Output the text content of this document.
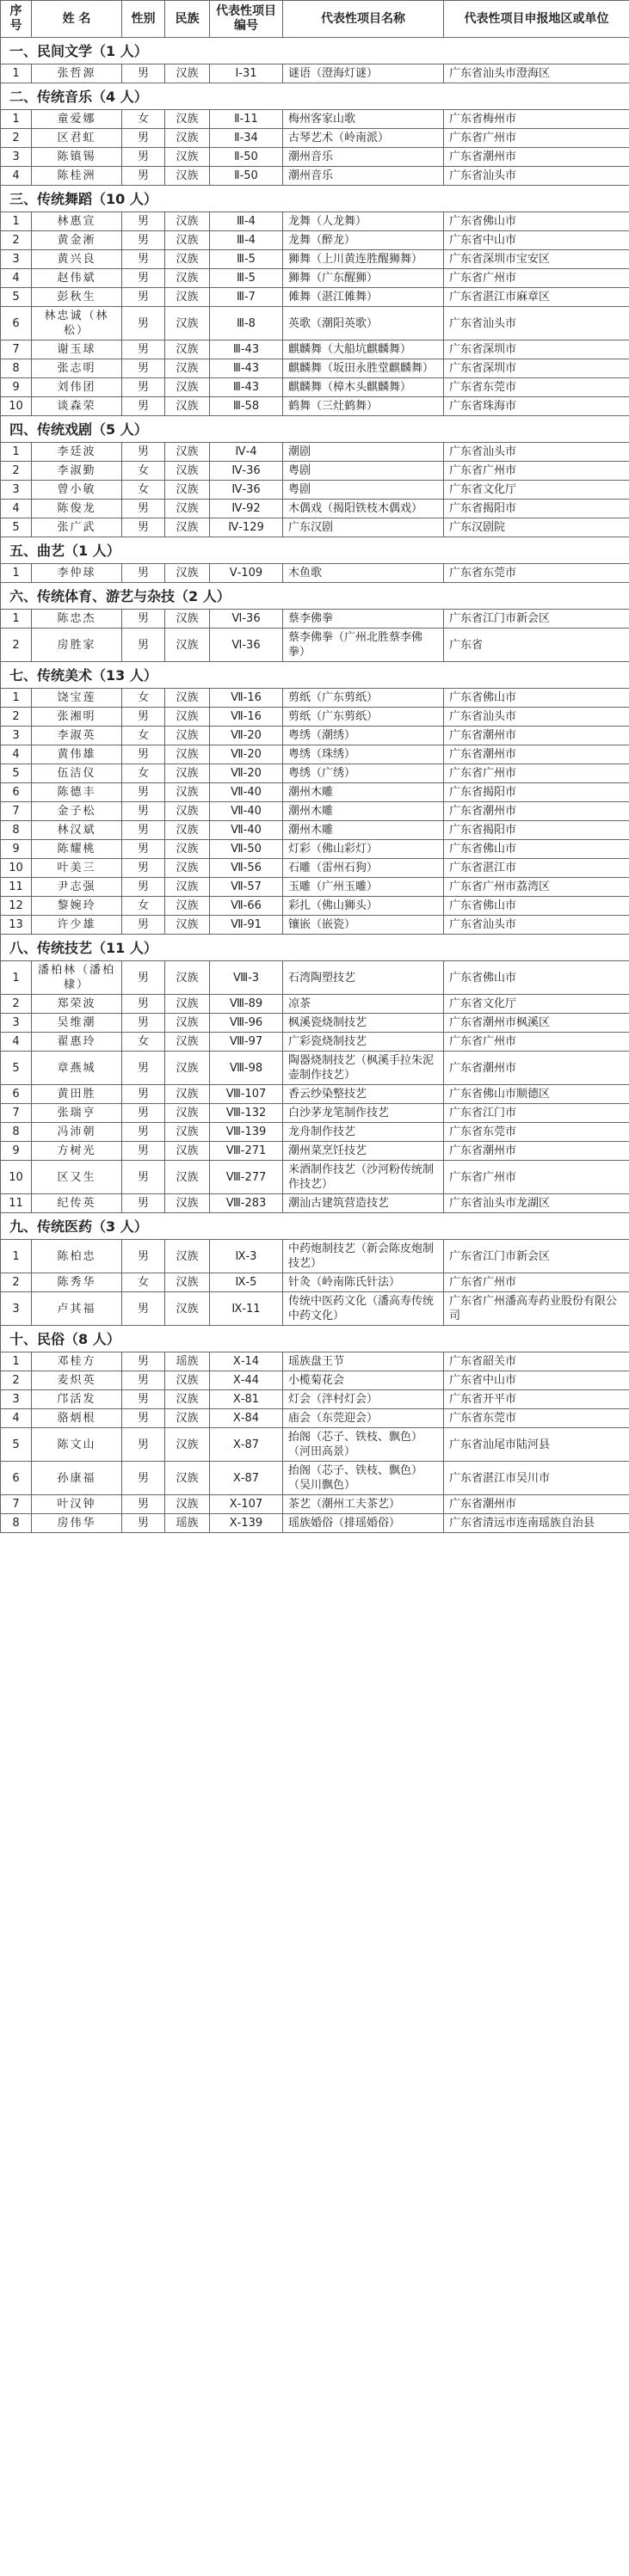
序号	姓 名	性别	民族	代表性项目编号	代表性项目名称	代表性项目申报地区或单位
一、民间文学（1 人）						
1	张哲源	男	汉族	Ⅰ-31	谜语（澄海灯谜）	广东省汕头市澄海区
二、传统音乐（4 人）						
1	童爱娜	女	汉族	Ⅱ-11	梅州客家山歌	广东省梅州市
2	区君虹	男	汉族	Ⅱ-34	古琴艺术（岭南派）	广东省广州市
3	陈镇锡	男	汉族	Ⅱ-50	潮州音乐	广东省潮州市
4	陈桂洲	男	汉族	Ⅱ-50	潮州音乐	广东省汕头市
三、传统舞蹈（10 人）						
1	林惠宣	男	汉族	Ⅲ-4	龙舞（人龙舞）	广东省佛山市
2	黄金淅	男	汉族	Ⅲ-4	龙舞（醉龙）	广东省中山市
3	黄兴良	男	汉族	Ⅲ-5	狮舞（上川黄连胜醒狮舞）	广东省深圳市宝安区
4	赵伟斌	男	汉族	Ⅲ-5	狮舞（广东醒狮）	广东省广州市
5	彭秋生	男	汉族	Ⅲ-7	傩舞（湛江傩舞）	广东省湛江市麻章区
6	林忠诚（林松）	男	汉族	Ⅲ-8	英歌（潮阳英歌）	广东省汕头市
7	谢玉球	男	汉族	Ⅲ-43	麒麟舞（大船坑麒麟舞）	广东省深圳市
8	张志明	男	汉族	Ⅲ-43	麒麟舞（坂田永胜堂麒麟舞）	广东省深圳市
9	刘伟团	男	汉族	Ⅲ-43	麒麟舞（樟木头麒麟舞）	广东省东莞市
10	谈森荣	男	汉族	Ⅲ-58	鹤舞（三灶鹤舞）	广东省珠海市
四、传统戏剧（5 人）						
1	李廷波	男	汉族	Ⅳ-4	潮剧	广东省汕头市
2	李淑勤	女	汉族	Ⅳ-36	粤剧	广东省广州市
3	曾小敏	女	汉族	Ⅳ-36	粤剧	广东省文化厅
4	陈俊龙	男	汉族	Ⅳ-92	木偶戏（揭阳铁枝木偶戏）	广东省揭阳市
5	张广武	男	汉族	Ⅳ-129	广东汉剧	广东汉剧院
五、曲艺（1 人）						
1	李仲球	男	汉族	Ⅴ-109	木鱼歌	广东省东莞市
六、传统体育、游艺与杂技（2 人）						
1	陈忠杰	男	汉族	Ⅵ-36	蔡李佛拳	广东省江门市新会区
2	房胜家	男	汉族	Ⅵ-36	蔡李佛拳（广州北胜蔡李佛拳）	广东省
七、传统美术（13 人）						
1	饶宝莲	女	汉族	Ⅶ-16	剪纸（广东剪纸）	广东省佛山市
2	张湘明	男	汉族	Ⅶ-16	剪纸（广东剪纸）	广东省汕头市
3	李淑英	女	汉族	Ⅶ-20	粤绣（潮绣）	广东省潮州市
4	黄伟雄	男	汉族	Ⅶ-20	粤绣（珠绣）	广东省潮州市
5	伍洁仪	女	汉族	Ⅶ-20	粤绣（广绣）	广东省广州市
6	陈德丰	男	汉族	Ⅶ-40	潮州木雕	广东省揭阳市
7	金子松	男	汉族	Ⅶ-40	潮州木雕	广东省潮州市
8	林汉斌	男	汉族	Ⅶ-40	潮州木雕	广东省揭阳市
9	陈耀桃	男	汉族	Ⅶ-50	灯彩（佛山彩灯）	广东省佛山市
10	叶美三	男	汉族	Ⅶ-56	石雕（雷州石狗）	广东省湛江市
11	尹志强	男	汉族	Ⅶ-57	玉雕（广州玉雕）	广东省广州市荔湾区
12	黎婉玲	女	汉族	Ⅶ-66	彩扎（佛山狮头）	广东省佛山市
13	许少雄	男	汉族	Ⅶ-91	镶嵌（嵌瓷）	广东省汕头市
八、传统技艺（11 人）						
1	潘柏林（潘柏棣）	男	汉族	Ⅷ-3	石湾陶塑技艺	广东省佛山市
2	郑荣波	男	汉族	Ⅷ-89	凉茶	广东省文化厅
3	吴维潮	男	汉族	Ⅷ-96	枫溪瓷烧制技艺	广东省潮州市枫溪区
4	翟惠玲	女	汉族	Ⅷ-97	广彩瓷烧制技艺	广东省广州市
5	章燕城	男	汉族	Ⅷ-98	陶器烧制技艺（枫溪手拉朱泥壶制作技艺）	广东省潮州市
6	黄田胜	男	汉族	Ⅷ-107	香云纱染整技艺	广东省佛山市顺德区
7	张瑞亨	男	汉族	Ⅷ-132	白沙茅龙笔制作技艺	广东省江门市
8	冯沛朝	男	汉族	Ⅷ-139	龙舟制作技艺	广东省东莞市
9	方树光	男	汉族	Ⅷ-271	潮州菜烹饪技艺	广东省潮州市
10	区又生	男	汉族	Ⅷ-277	米酒制作技艺（沙河粉传统制作技艺）	广东省广州市
11	纪传英	男	汉族	Ⅷ-283	潮汕古建筑营造技艺	广东省汕头市龙湖区
九、传统医药（3 人）						
1	陈柏忠	男	汉族	Ⅸ-3	中药炮制技艺（新会陈皮炮制技艺）	广东省江门市新会区
2	陈秀华	女	汉族	Ⅸ-5	针灸（岭南陈氏针法）	广东省广州市
3	卢其福	男	汉族	Ⅸ-11	传统中医药文化（潘高寿传统中药文化）	广东省广州潘高寿药业股份有限公司
十、民俗（8 人）						
1	邓桂方	男	瑶族	Ⅹ-14	瑶族盘王节	广东省韶关市
2	麦炽英	男	汉族	Ⅹ-44	小榄菊花会	广东省中山市
3	邝活发	男	汉族	Ⅹ-81	灯会（泮村灯会）	广东省开平市
4	骆炳根	男	汉族	Ⅹ-84	庙会（东莞迎会）	广东省东莞市
5	陈文山	男	汉族	Ⅹ-87	抬阁（芯子、铁枝、飘色）（河田高景）	广东省汕尾市陆河县
6	孙康福	男	汉族	Ⅹ-87	抬阁（芯子、铁枝、飘色）（吴川飘色）	广东省湛江市吴川市
7	叶汉钟	男	汉族	Ⅹ-107	茶艺（潮州工夫茶艺）	广东省潮州市
8	房伟华	男	瑶族	Ⅹ-139	瑶族婚俗（排瑶婚俗）	广东省清远市连南瑶族自治县
